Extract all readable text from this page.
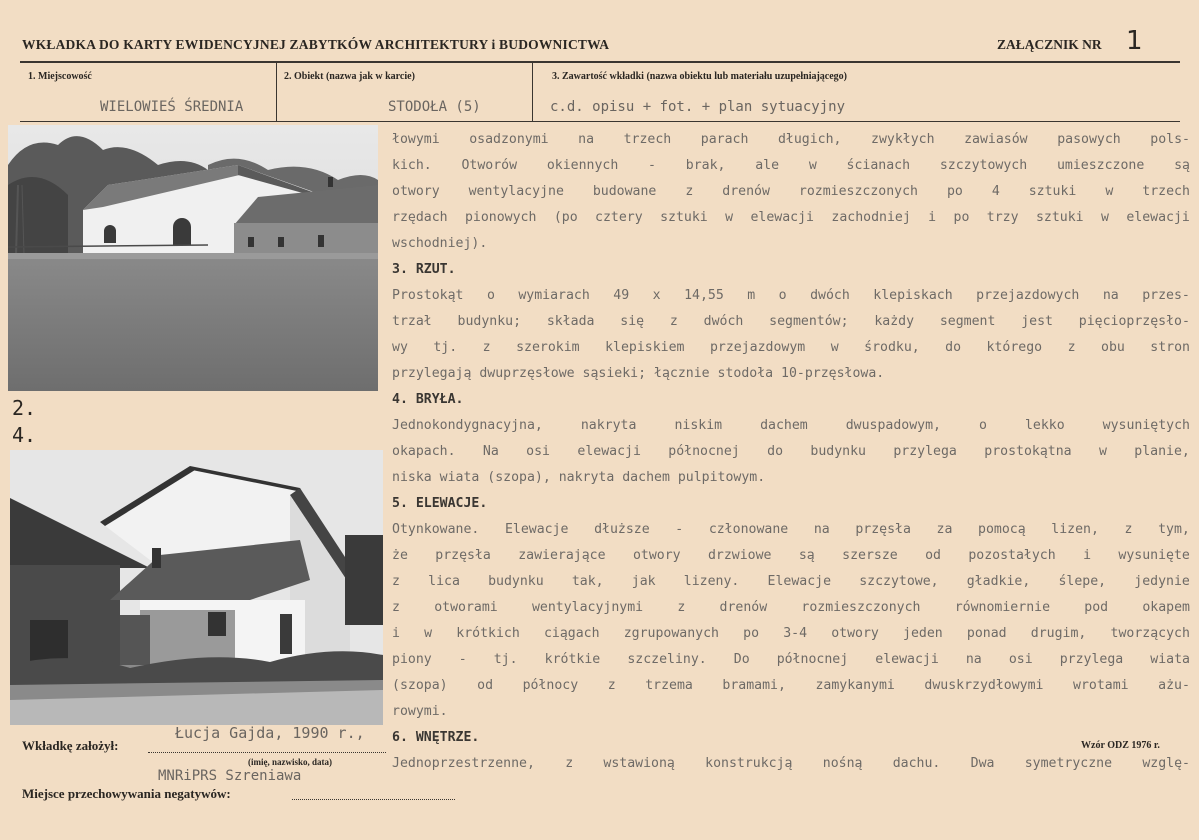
WKŁADKA DO KARTY EWIDENCYJNEJ ZABYTKÓW ARCHITEKTURY i BUDOWNICTWA	ZAŁĄCZNIK NR 1
1. Miejscowość	2. Obiekt (nazwa jak w karcie)	3. Zawartość wkładki (nazwa obiektu lub materiału uzupełniającego)
WIELOWIEŚ ŚREDNIA	STODOŁA (5)	c.d. opisu + fot. + plan sytuacyjny
2.
4.
łowymi osadzonymi na trzech parach długich, zwykłych zawiasów pasowych pols-
kich. Otworów okiennych - brak, ale w ścianach szczytowych umieszczone są
otwory wentylacyjne budowane z drenów rozmieszczonych po 4 sztuki w trzech
rzędach pionowych (po cztery sztuki w elewacji zachodniej i po trzy sztuki w elewacji
wschodniej).
3. RZUT.
Prostokąt o wymiarach 49 x 14,55 m o dwóch klepiskach przejazdowych na przes-
trzał budynku; składa się z dwóch segmentów; każdy segment jest pięcioprzęsło-
wy tj. z szerokim klepiskiem przejazdowym w środku, do którego z obu stron
przylegają dwuprzęsłowe sąsieki; łącznie stodoła 10-przęsłowa.
4. BRYŁA.
Jednokondygnacyjna,	nakryta	niskim	dachem	dwuspadowym,	o	lekko	wysuniętych
okapach. Na osi elewacji północnej do budynku przylega prostokątna w planie,
niska wiata (szopa), nakryta dachem pulpitowym.
5. ELEWACJE.
Otynkowane. Elewacje dłuższe - członowane na przęsła za pomocą lizen, z tym,
że przęsła zawierające otwory drzwiowe są szersze od pozostałych i wysunięte
z lica budynku tak, jak lizeny. Elewacje szczytowe, gładkie, ślepe, jedynie
z	otworami	wentylacyjnymi	z	drenów	rozmieszczonych	równomiernie	pod	okapem
i w krótkich ciągach zgrupowanych po 3-4 otwory jeden ponad drugim, tworzących
piony - tj. krótkie szczeliny. Do północnej elewacji na osi przylega wiata
(szopa) od północy z trzema bramami, zamykanymi dwuskrzydłowymi wrotami ażu-
rowymi.
6. WNĘTRZE.
Jednoprzestrzenne, z wstawioną konstrukcją nośną dachu. Dwa symetryczne wzglę-
Wkładkę założył:
Łucja Gajda, 1990 r.,
(imię, nazwisko, data)
Wzór ODZ 1976 r.
MNRiPRS Szreniawa
Miejsce przechowywania negatywów:
